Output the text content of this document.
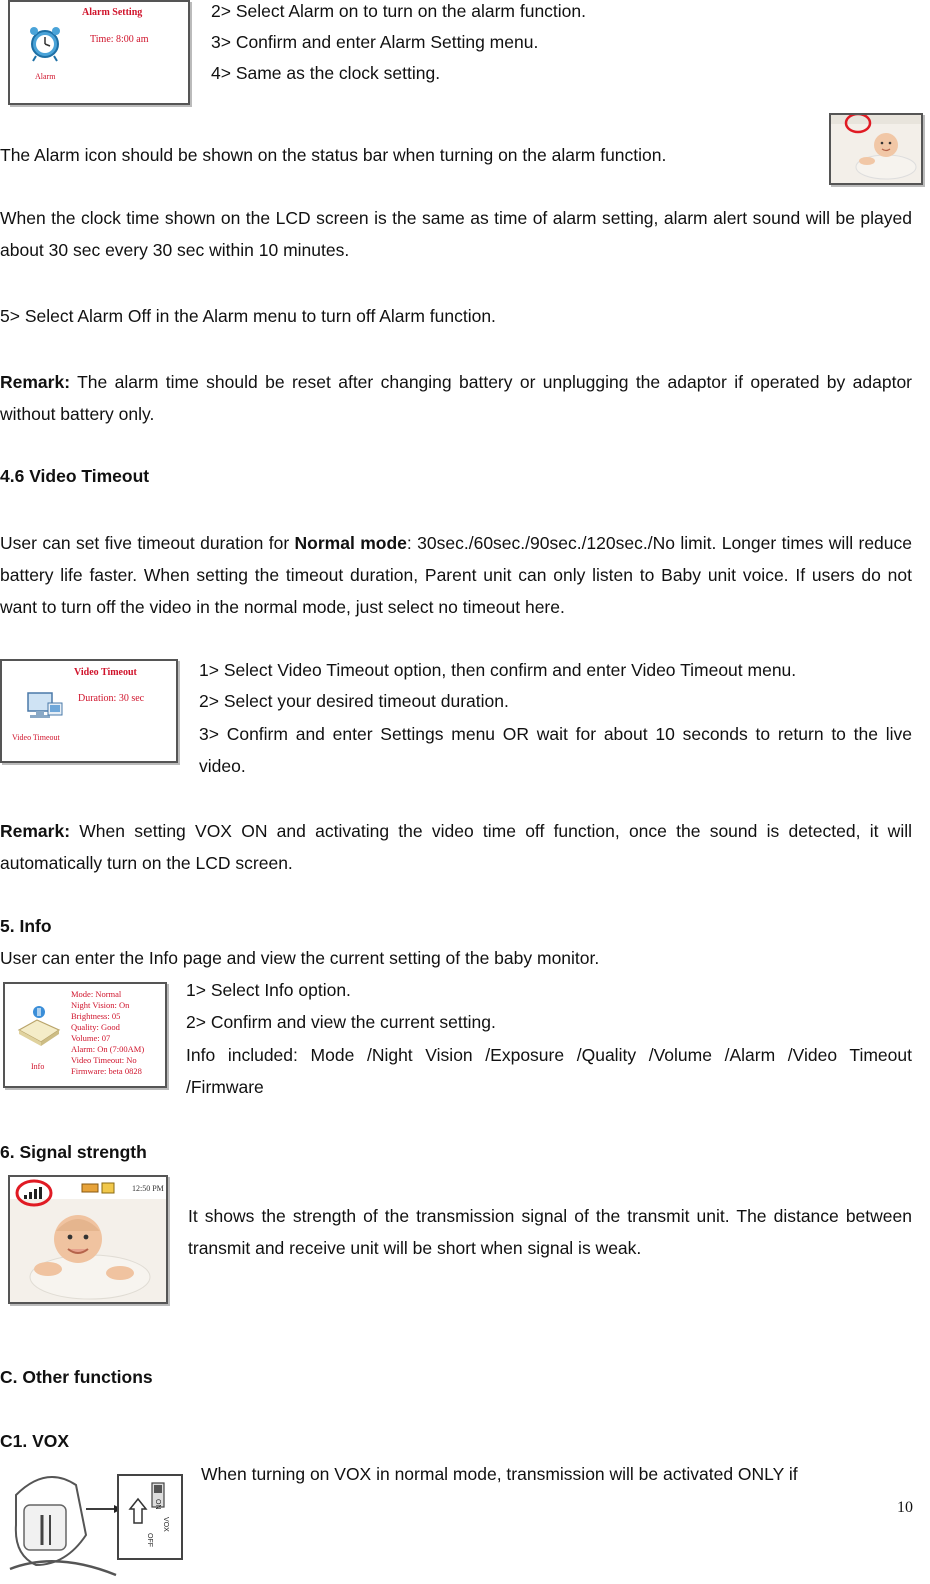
Alarm Setting
Time: 8:00 am
Alarm
2> Select Alarm on to turn on the alarm function.
3> Confirm and enter Alarm Setting menu.
4> Same as the clock setting.
The Alarm icon should be shown on the status bar when turning on the alarm function.
When the clock time shown on the LCD screen is the same as time of alarm setting, alarm alert sound will be played about 30 sec every 30 sec within 10 minutes.
5> Select Alarm Off in the Alarm menu to turn off Alarm function.
Remark: The alarm time should be reset after changing battery or unplugging the adaptor if operated by adaptor without battery only.
4.6 Video Timeout
User can set five timeout duration for Normal mode: 30sec./60sec./90sec./120sec./No limit. Longer times will reduce battery life faster. When setting the timeout duration, Parent unit can only listen to Baby unit voice. If users do not want to turn off the video in the normal mode, just select no timeout here.
Video Timeout
Duration: 30 sec
Video Timeout
1> Select Video Timeout option, then confirm and enter Video Timeout menu.
2> Select your desired timeout duration.
3> Confirm and enter Settings menu OR wait for about 10 seconds to return to the live video.
Remark: When setting VOX ON and activating the video time off function, once the sound is detected, it will automatically turn on the LCD screen.
5. Info
User can enter the Info page and view the current setting of the baby monitor.
Info
Mode: Normal
Night Vision: On
Brightness: 05
Quality: Good
Volume: 07
Alarm: On (7:00AM)
Video Timeout: No
Firmware: beta 0828
1> Select Info option.
2> Confirm and view the current setting.
Info included: Mode /Night Vision /Exposure /Quality /Volume /Alarm /Video Timeout /Firmware
6. Signal strength
12:50 PM
It shows the strength of the transmission signal of the transmit unit. The distance between transmit and receive unit will be short when signal is weak.
C. Other functions
C1. VOX
When turning on VOX in normal mode, transmission will be activated ONLY if
VOX
ON
OFF
10
